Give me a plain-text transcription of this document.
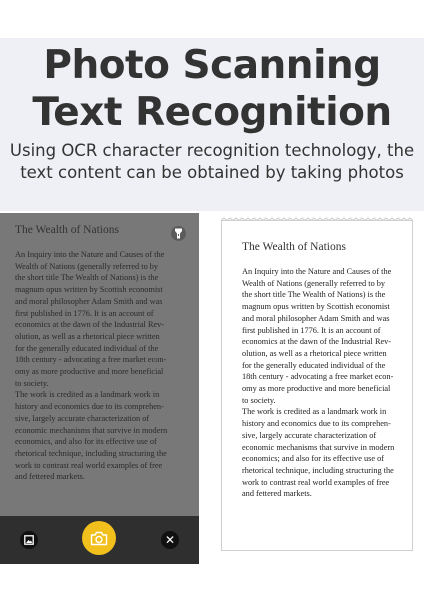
Photo Scanning
Text Recognition
Using OCR character recognition technology, the
text content can be obtained by taking photos
The Wealth of Nations
An Inquiry into the Nature and Causes of the
Wealth of Nations (generally referred to by
the short title The Wealth of Nations) is the
magnum opus written by Scottish economist
and moral philosopher Adam Smith and was
first published in 1776. It is an account of
economics at the dawn of the Industrial Rev-
olution, as well as a rhetorical piece written
for the generally educated individual of the
18th century - advocating a free market econ-
omy as more productive and more beneficial
to society.
The work is credited as a landmark work in
history and economics due to its comprehen-
sive, largely accurate characterization of
economic mechanisms that survive in modern
economics, and also for its effective use of
rhetorical technique, including structuring the
work to contrast real world examples of free
and fettered markets.
✕
The Wealth of Nations
An Inquiry into the Nature and Causes of the
Wealth of Nations (generally referred to by
the short title The Wealth of Nations) is the
magnum opus written by Scottish economist
and moral philosopher Adam Smith and was
first published in 1776. It is an account of
economics at the dawn of the Industrial Rev-
olution, as well as a rhetorical piece written
for the generally educated individual of the
18th century - advocating a free market econ-
omy as more productive and more beneficial
to society.
The work is credited as a landmark work in
history and economics due to its comprehen-
sive, largely accurate characterization of
economic mechanisms that survive in modern
economics; and also for its effective use of
rhetorical technique, including structuring the
work to contrast real world examples of free
and fettered markets.
